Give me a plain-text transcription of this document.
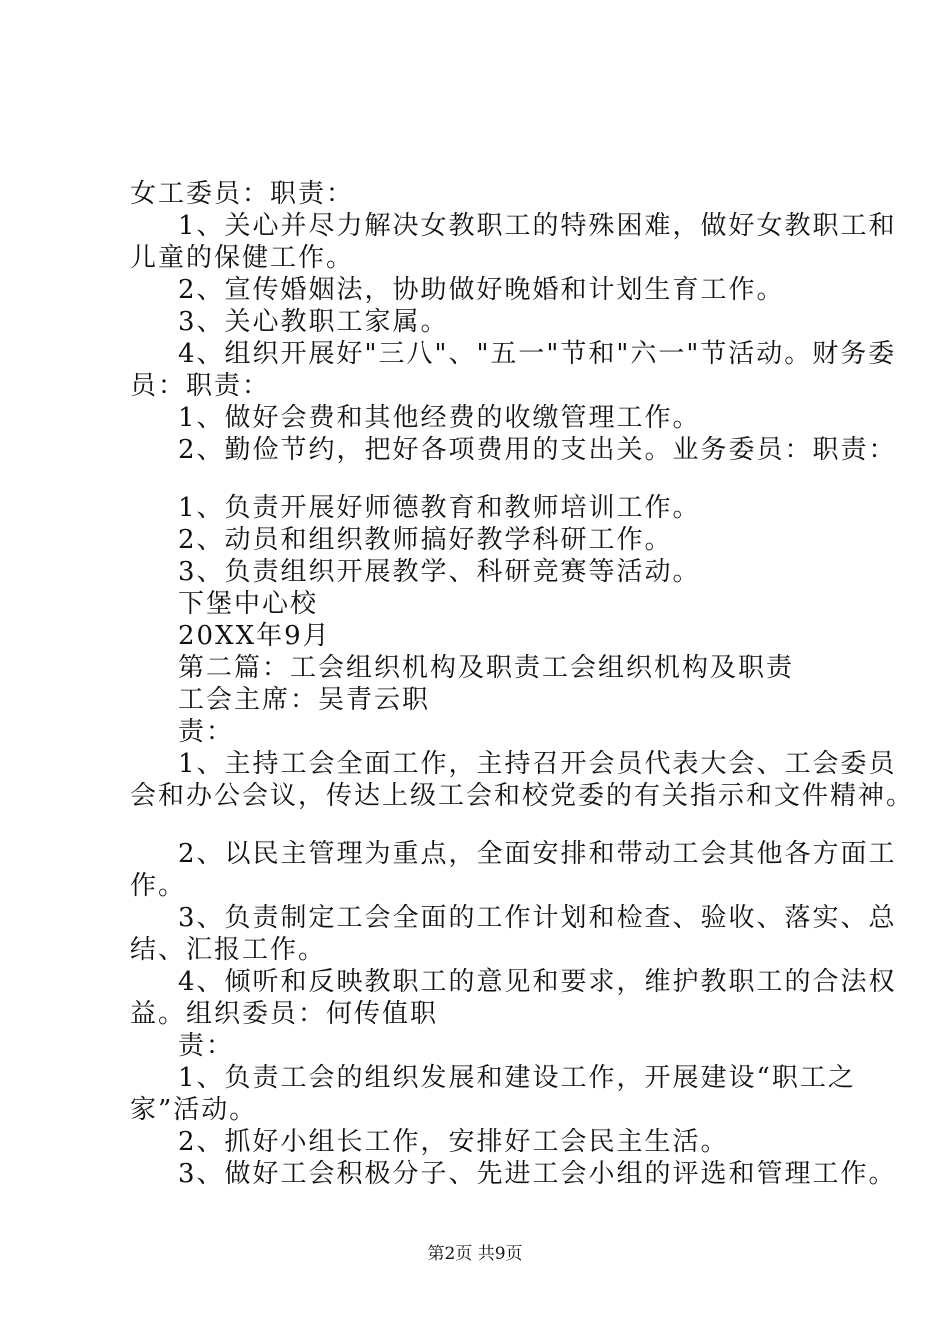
女工委员：职责：
1、关心并尽力解决女教职工的特殊困难，做好女教职工和
儿童的保健工作。
2、宣传婚姻法，协助做好晚婚和计划生育工作。
3、关心教职工家属。
4、组织开展好"三八"、"五一"节和"六一"节活动。财务委
员：职责：
1、做好会费和其他经费的收缴管理工作。
2、勤俭节约，把好各项费用的支出关。业务委员：职责：
1、负责开展好师德教育和教师培训工作。
2、动员和组织教师搞好教学科研工作。
3、负责组织开展教学、科研竞赛等活动。
下堡中心校
20XX年9月
第二篇：工会组织机构及职责工会组织机构及职责
工会主席：吴青云职
责：
1、主持工会全面工作，主持召开会员代表大会、工会委员
会和办公会议，传达上级工会和校党委的有关指示和文件精神。
2、以民主管理为重点，全面安排和带动工会其他各方面工
作。
3、负责制定工会全面的工作计划和检查、验收、落实、总
结、汇报工作。
4、倾听和反映教职工的意见和要求，维护教职工的合法权
益。组织委员：何传值职
责：
1、负责工会的组织发展和建设工作，开展建设“职工之
家”活动。
2、抓好小组长工作，安排好工会民主生活。
3、做好工会积极分子、先进工会小组的评选和管理工作。
第2页 共9页
